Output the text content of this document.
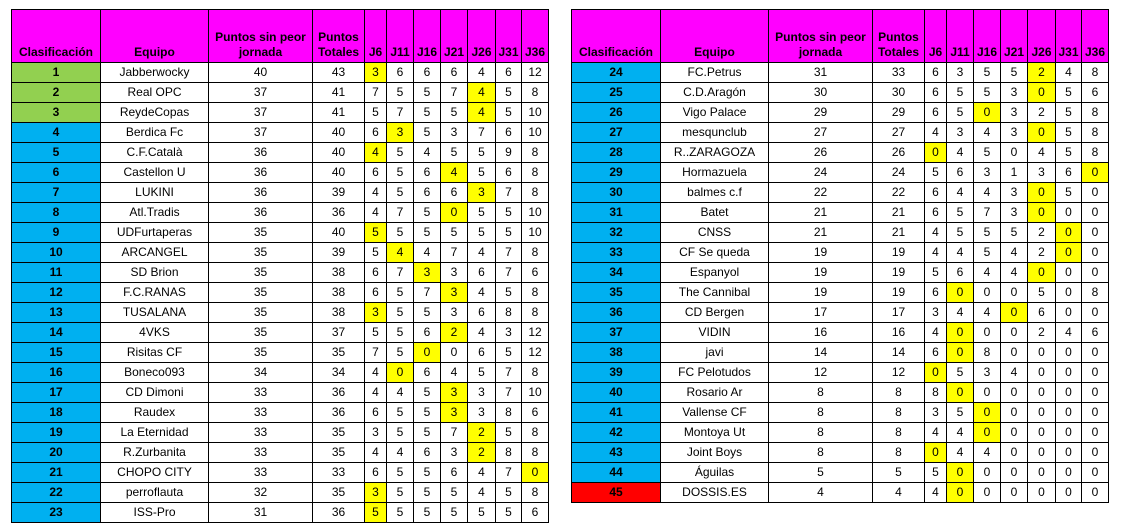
Clasificación	Equipo	Puntos sin peor jornada	Puntos Totales	J6	J11	J16	J21	J26	J31	J36
1	Jabberwocky	40	43	3	6	6	6	4	6	12
2	Real OPC	37	41	7	5	5	7	4	5	8
3	ReydeCopas	37	41	5	7	5	5	4	5	10
4	Berdica Fc	37	40	6	3	5	3	7	6	10
5	C.F.Català	36	40	4	5	4	5	5	9	8
6	Castellon U	36	40	6	5	6	4	5	6	8
7	LUKINI	36	39	4	5	6	6	3	7	8
8	Atl.Tradis	36	36	4	7	5	0	5	5	10
9	UDFurtaperas	35	40	5	5	5	5	5	5	10
10	ARCANGEL	35	39	5	4	4	7	4	7	8
11	SD Brion	35	38	6	7	3	3	6	7	6
12	F.C.RANAS	35	38	6	5	7	3	4	5	8
13	TUSALANA	35	38	3	5	5	3	6	8	8
14	4VKS	35	37	5	5	6	2	4	3	12
15	Risitas CF	35	35	7	5	0	0	6	5	12
16	Boneco093	34	34	4	0	6	4	5	7	8
17	CD Dimoni	33	36	4	4	5	3	3	7	10
18	Raudex	33	36	6	5	5	3	3	8	6
19	La Eternidad	33	35	3	5	5	7	2	5	8
20	R.Zurbanita	33	35	4	4	6	3	2	8	8
21	CHOPO CITY	33	33	6	5	5	6	4	7	0
22	perroflauta	32	35	3	5	5	5	4	5	8
23	ISS-Pro	31	36	5	5	5	5	5	5	6
Clasificación	Equipo	Puntos sin peor jornada	Puntos Totales	J6	J11	J16	J21	J26	J31	J36
24	FC.Petrus	31	33	6	3	5	5	2	4	8
25	C.D.Aragón	30	30	6	5	5	3	0	5	6
26	Vigo Palace	29	29	6	5	0	3	2	5	8
27	mesqunclub	27	27	4	3	4	3	0	5	8
28	R..ZARAGOZA	26	26	0	4	5	0	4	5	8
29	Hormazuela	24	24	5	6	3	1	3	6	0
30	balmes c.f	22	22	6	4	4	3	0	5	0
31	Batet	21	21	6	5	7	3	0	0	0
32	CNSS	21	21	4	5	5	5	2	0	0
33	CF Se queda	19	19	4	4	5	4	2	0	0
34	Espanyol	19	19	5	6	4	4	0	0	0
35	The Cannibal	19	19	6	0	0	0	5	0	8
36	CD Bergen	17	17	3	4	4	0	6	0	0
37	VIDIN	16	16	4	0	0	0	2	4	6
38	javi	14	14	6	0	8	0	0	0	0
39	FC Pelotudos	12	12	0	5	3	4	0	0	0
40	Rosario Ar	8	8	8	0	0	0	0	0	0
41	Vallense CF	8	8	3	5	0	0	0	0	0
42	Montoya Ut	8	8	4	4	0	0	0	0	0
43	Joint Boys	8	8	0	4	4	0	0	0	0
44	Águilas	5	5	5	0	0	0	0	0	0
45	DOSSIS.ES	4	4	4	0	0	0	0	0	0
